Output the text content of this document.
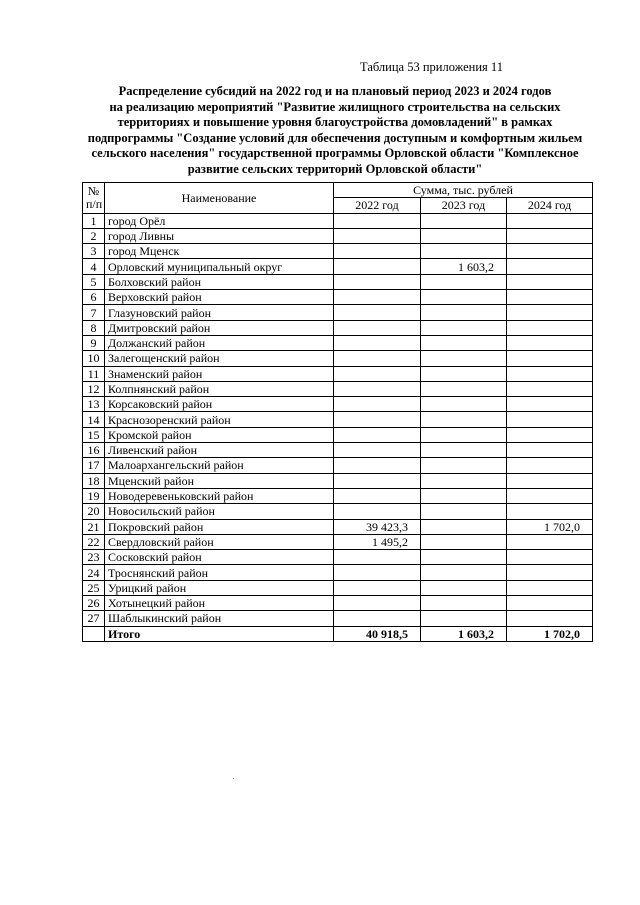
Таблица 53 приложения 11
Распределение субсидий на 2022 год и на плановый период 2023 и 2024 годов
на реализацию мероприятий "Развитие жилищного строительства на сельских
территориях и повышение уровня благоустройства домовладений" в рамках
подпрограммы "Создание условий для обеспечения доступным и комфортным жильем
сельского населения" государственной программы Орловской области "Комплексное
развитие сельских территорий Орловской области"
№
п/п	Наименование	Сумма, тыс. рублей		
		2022 год	2023 год	2024 год
1	город Орёл			
2	город Ливны			
3	город Мценск			
4	Орловский муниципальный округ		1 603,2	
5	Болховский район			
6	Верховский район			
7	Глазуновский район			
8	Дмитровский район			
9	Должанский район			
10	Залегощенский район			
11	Знаменский район			
12	Колпнянский район			
13	Корсаковский район			
14	Краснозоренский район			
15	Кромской район			
16	Ливенский район			
17	Малоархангельский район			
18	Мценский район			
19	Новодеревеньковский район			
20	Новосильский район			
21	Покровский район	39 423,3		1 702,0
22	Свердловский район	1 495,2		
23	Сосковский район			
24	Троснянский район			
25	Урицкий район			
26	Хотынецкий район			
27	Шаблыкинский район			
	Итого	40 918,5	1 603,2	1 702,0
